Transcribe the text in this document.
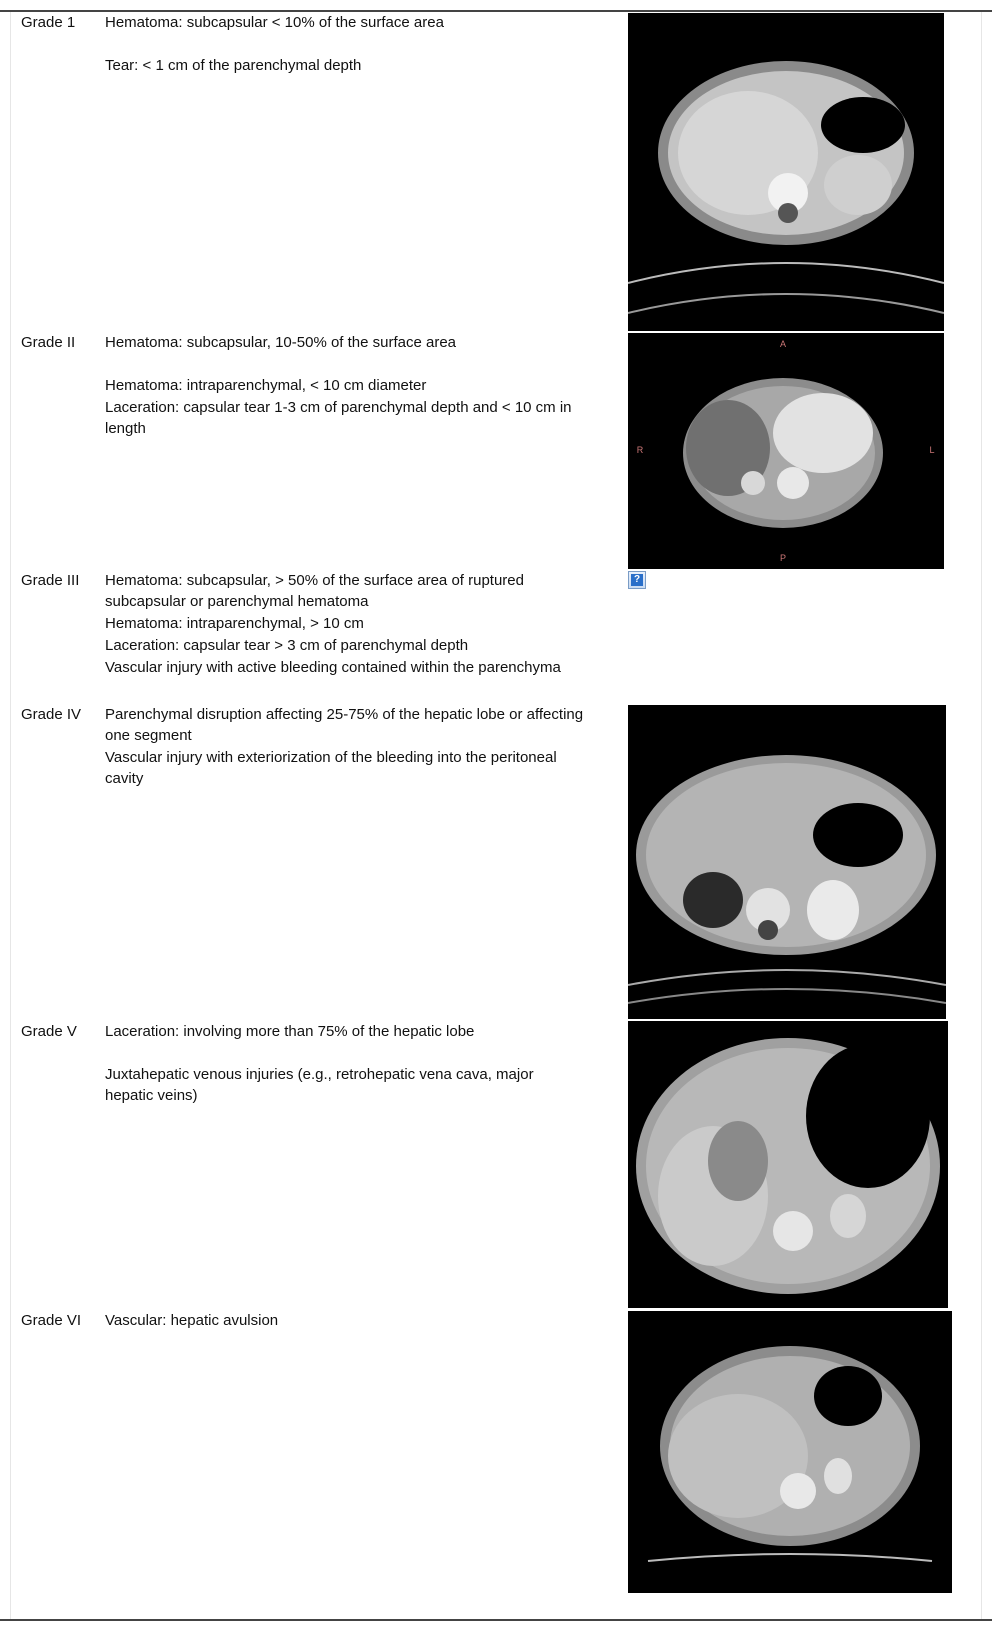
Grade 1	Hematoma: subcapsular < 10% of the surface area

Tear: < 1 cm of the parenchymal depth

Grade II	Hematoma: subcapsular, 10-50% of the surface area

Hematoma: intraparenchymal, < 10 cm diameter

Laceration: capsular tear 1-3 cm of parenchymal depth and < 10 cm in length

A
R	L
P
Grade III	Hematoma: subcapsular, > 50% of the surface area of ruptured subcapsular or parenchymal hematoma

Hematoma: intraparenchymal, > 10 cm

Laceration: capsular tear > 3 cm of parenchymal depth

Vascular injury with active bleeding contained within the parenchyma

?
Grade IV	Parenchymal disruption affecting 25-75% of the hepatic lobe or affecting one segment

Vascular injury with exteriorization of the bleeding into the peritoneal cavity

Grade V	Laceration: involving more than 75% of the hepatic lobe

Juxtahepatic venous injuries (e.g., retrohepatic vena cava, major hepatic veins)

Grade VI	Vascular: hepatic avulsion
